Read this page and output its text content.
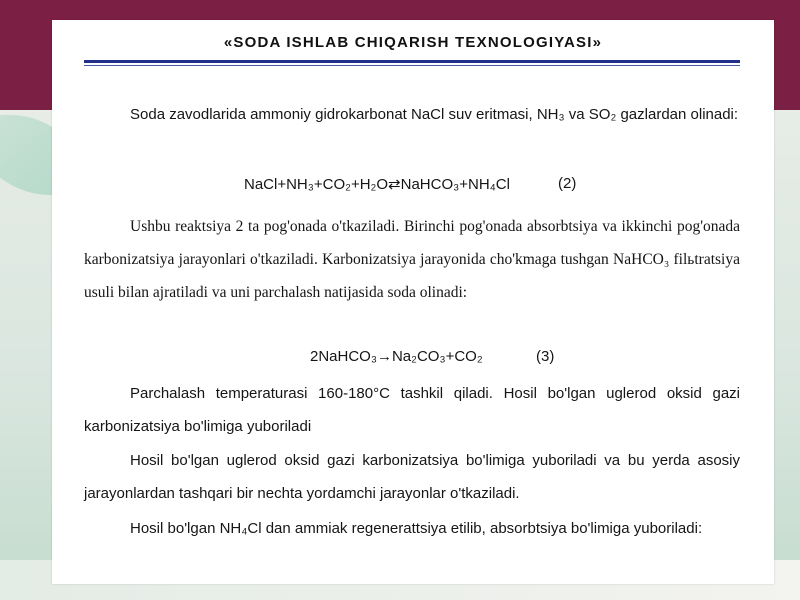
«SODA ISHLAB CHIQARISH TEXNOLOGIYASI»

Soda zavodlarida ammoniy gidrokarbonat NaCl suv eritmasi, NH₃ va SO₂ gazlardan olinadi:

NaCl+NH₃+CO₂+H₂O⇄NaHCO₃+NH₄Cl	(2)

Ushbu reaktsiya 2 ta pog'onada o'tkaziladi. Birinchi pog'onada absorbtsiya va ikkinchi pog'onada karbonizatsiya jarayonlari o'tkaziladi. Karbonizatsiya jarayonida cho'kmaga tushgan NaHCO₃ filьtratsiya usuli bilan ajratiladi va uni parchalash natijasida soda olinadi:

2NaHCO₃→Na₂CO₃+CO₂	(3)

Parchalash temperaturasi 160-180°C tashkil qiladi. Hosil bo'lgan uglerod oksid gazi karbonizatsiya bo'limiga yuboriladi

Hosil bo'lgan uglerod oksid gazi karbonizatsiya bo'limiga yuboriladi va bu yerda asosiy jarayonlardan tashqari bir nechta yordamchi jarayonlar o'tkaziladi.

Hosil bo'lgan NH₄Cl dan ammiak regenerattsiya etilib, absorbtsiya bo'limiga yuboriladi:
